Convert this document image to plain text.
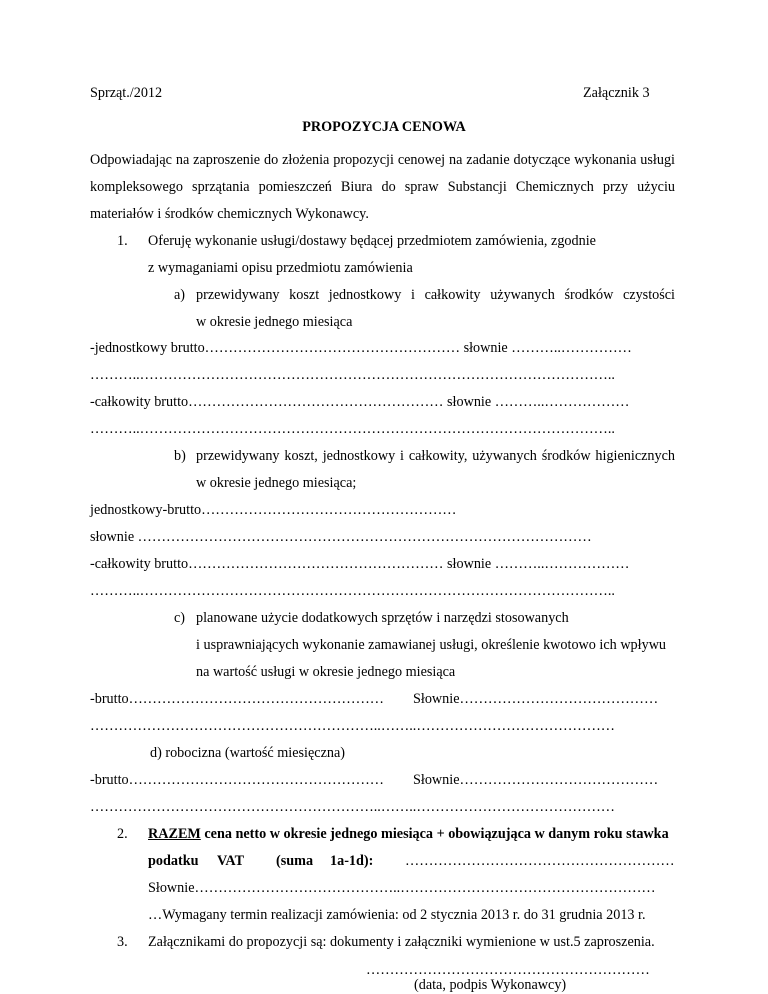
Sprząt./2012	Załącznik 3
PROPOZYCJA CENOWA
Odpowiadając na zaproszenie do złożenia propozycji cenowej na zadanie dotyczące wykonania usługi
kompleksowego sprzątania pomieszczeń Biura do spraw Substancji Chemicznych przy użyciu
materiałów i środków chemicznych Wykonawcy.
1. Oferuję wykonanie usługi/dostawy będącej przedmiotem zamówienia, zgodnie
z wymaganiami opisu przedmiotu zamówienia
a) przewidywany koszt jednostkowy i całkowity używanych środków czystości
w okresie jednego miesiąca
-jednostkowy brutto……………………………………………… słownie ………..……………
………..………………………………………………………………………………………..
-całkowity brutto……………………………………………… słownie ………..………………
………..………………………………………………………………………………………..
b) przewidywany koszt, jednostkowy i całkowity, używanych środków higienicznych
w okresie jednego miesiąca;
jednostkowy-brutto………………………………………………
słownie ……………………………………………………………………………………
-całkowity brutto……………………………………………… słownie ………..………………
………..………………………………………………………………………………………..
c) planowane użycie dodatkowych sprzętów i narzędzi stosowanych
i usprawniających wykonanie zamawianej usługi, określenie kwotowo ich wpływu
na wartość usługi w okresie jednego miesiąca
-brutto……………………………………………… Słownie……………………………………
……………………………………………………..……..……………………………………
d) robocizna (wartość miesięczna)
-brutto……………………………………………… Słownie……………………………………
……………………………………………………..……..……………………………………
2. RAZEM cena netto w okresie jednego miesiąca + obowiązująca w danym roku stawka
podatku VAT (suma 1a-1d): …………………………………………………
Słownie……………………………………..………………………………………………
…Wymagany termin realizacji zamówienia: od 2 stycznia 2013 r. do 31 grudnia 2013 r.
3. Załącznikami do propozycji są: dokumenty i załączniki wymienione w ust.5 zaproszenia.
……………………………………………………
(data, podpis Wykonawcy)
